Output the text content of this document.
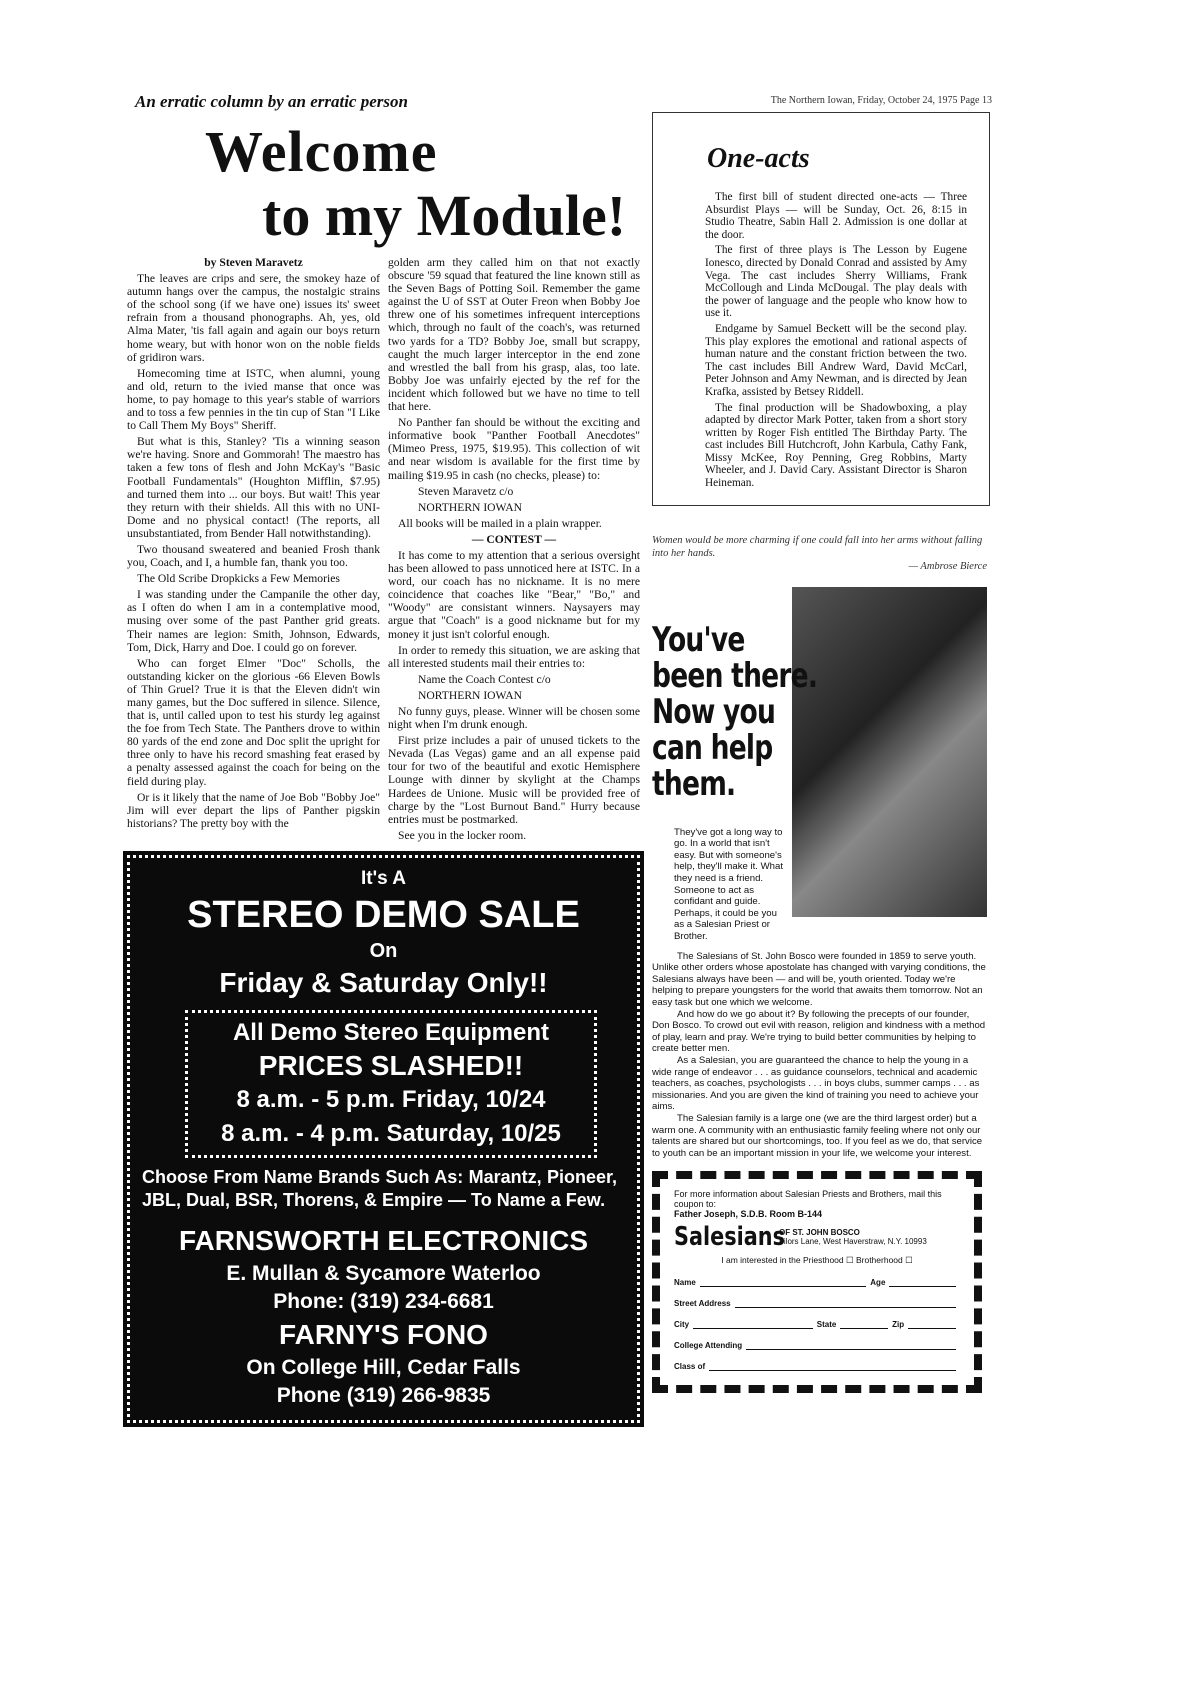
An erratic column by an erratic person
Welcome
to my Module!

by Steven Maravetz

The leaves are crips and sere, the smokey haze of autumn hangs over the campus, the nostalgic strains of the school song (if we have one) issues its' sweet refrain from a thousand phonographs. Ah, yes, old Alma Mater, 'tis fall again and again our boys return home weary, but with honor won on the noble fields of gridiron wars.

Homecoming time at ISTC, when alumni, young and old, return to the ivied manse that once was home, to pay homage to this year's stable of warriors and to toss a few pennies in the tin cup of Stan "I Like to Call Them My Boys" Sheriff.

But what is this, Stanley? 'Tis a winning season we're having. Snore and Gommorah! The maestro has taken a few tons of flesh and John McKay's "Basic Football Fundamentals" (Houghton Mifflin, $7.95) and turned them into ... our boys. But wait! This year they return with their shields. All this with no UNI-Dome and no physical contact! (The reports, all unsubstantiated, from Bender Hall notwithstanding).

Two thousand sweatered and beanied Frosh thank you, Coach, and I, a humble fan, thank you too.

The Old Scribe Dropkicks a Few Memories

I was standing under the Campanile the other day, as I often do when I am in a contemplative mood, musing over some of the past Panther grid greats. Their names are legion: Smith, Johnson, Edwards, Tom, Dick, Harry and Doe. I could go on forever.

Who can forget Elmer "Doc" Scholls, the outstanding kicker on the glorious -66 Eleven Bowls of Thin Gruel? True it is that the Eleven didn't win many games, but the Doc suffered in silence. Silence, that is, until called upon to test his sturdy leg against the foe from Tech State. The Panthers drove to within 80 yards of the end zone and Doc split the upright for three only to have his record smashing feat erased by a penalty assessed against the coach for being on the field during play.

Or is it likely that the name of Joe Bob "Bobby Joe" Jim will ever depart the lips of Panther pigskin historians? The pretty boy with the

golden arm they called him on that not exactly obscure '59 squad that featured the line known still as the Seven Bags of Potting Soil. Remember the game against the U of SST at Outer Freon when Bobby Joe threw one of his sometimes infrequent interceptions which, through no fault of the coach's, was returned two yards for a TD? Bobby Joe, small but scrappy, caught the much larger interceptor in the end zone and wrestled the ball from his grasp, alas, too late. Bobby Joe was unfairly ejected by the ref for the incident which followed but we have no time to tell that here.

No Panther fan should be without the exciting and informative book "Panther Football Anecdotes" (Mimeo Press, 1975, $19.95). This collection of wit and near wisdom is available for the first time by mailing $19.95 in cash (no checks, please) to:

Steven Maravetz c/o
NORTHERN IOWAN

All books will be mailed in a plain wrapper.

— CONTEST —

It has come to my attention that a serious oversight has been allowed to pass unnoticed here at ISTC. In a word, our coach has no nickname. It is no mere coincidence that coaches like "Bear," "Bo," and "Woody" are consistant winners. Naysayers may argue that "Coach" is a good nickname but for my money it just isn't colorful enough.

In order to remedy this situation, we are asking that all interested students mail their entries to:

Name the Coach Contest c/o
NORTHERN IOWAN

No funny guys, please. Winner will be chosen some night when I'm drunk enough.

First prize includes a pair of unused tickets to the Nevada (Las Vegas) game and an all expense paid tour for two of the beautiful and exotic Hemisphere Lounge with dinner by skylight at the Champs Hardees de Unione. Music will be provided free of charge by the "Lost Burnout Band." Hurry because entries must be postmarked.

See you in the locker room.

It's A
STEREO DEMO SALE
On
Friday & Saturday Only!!
All Demo Stereo Equipment
PRICES SLASHED!!
8 a.m. - 5 p.m. Friday, 10/24
8 a.m. - 4 p.m. Saturday, 10/25
Choose From Name Brands Such As: Marantz, Pioneer, JBL, Dual, BSR, Thorens, & Empire — To Name a Few.
FARNSWORTH ELECTRONICS
E. Mullan & Sycamore Waterloo
Phone: (319) 234-6681
FARNY'S FONO
On College Hill, Cedar Falls
Phone (319) 266-9835
The Northern Iowan, Friday, October 24, 1975 Page 13
One-acts

The first bill of student directed one-acts — Three Absurdist Plays — will be Sunday, Oct. 26, 8:15 in Studio Theatre, Sabin Hall 2. Admission is one dollar at the door.

The first of three plays is The Lesson by Eugene Ionesco, directed by Donald Conrad and assisted by Amy Vega. The cast includes Sherry Williams, Frank McCollough and Linda McDougal. The play deals with the power of language and the people who know how to use it.

Endgame by Samuel Beckett will be the second play. This play explores the emotional and rational aspects of human nature and the constant friction between the two. The cast includes Bill Andrew Ward, David McCarl, Peter Johnson and Amy Newman, and is directed by Jean Krafka, assisted by Betsey Riddell.

The final production will be Shadowboxing, a play adapted by director Mark Potter, taken from a short story written by Roger Fish entitled The Birthday Party. The cast includes Bill Hutchcroft, John Karbula, Cathy Fank, Missy McKee, Roy Penning, Greg Robbins, Marty Wheeler, and J. David Cary. Assistant Director is Sharon Heineman.

Women would be more charming if one could fall into her arms without falling into her hands.
— Ambrose Bierce
You've
been there.
Now you
can help
them.
They've got a long way to go. In a world that isn't easy. But with someone's help, they'll make it. What they need is a friend. Someone to act as confidant and guide. Perhaps, it could be you as a Salesian Priest or Brother.

The Salesians of St. John Bosco were founded in 1859 to serve youth. Unlike other orders whose apostolate has changed with varying conditions, the Salesians always have been — and will be, youth oriented. Today we're helping to prepare youngsters for the world that awaits them tomorrow. Not an easy task but one which we welcome.

And how do we go about it? By following the precepts of our founder, Don Bosco. To crowd out evil with reason, religion and kindness with a method of play, learn and pray. We're trying to build better communities by helping to create better men.

As a Salesian, you are guaranteed the chance to help the young in a wide range of endeavor . . . as guidance counselors, technical and academic teachers, as coaches, psychologists . . . in boys clubs, summer camps . . . as missionaries. And you are given the kind of training you need to achieve your aims.

The Salesian family is a large one (we are the third largest order) but a warm one. A community with an enthusiastic family feeling where not only our talents are shared but our shortcomings, too. If you feel as we do, that service to youth can be an important mission in your life, we welcome your interest.

For more information about Salesian Priests and Brothers, mail this coupon to:
Father Joseph, S.D.B. Room B-144
Salesians
OF ST. JOHN BOSCO
Filors Lane, West Haverstraw, N.Y. 10993
I am interested in the Priesthood ☐ Brotherhood ☐
Name	Age
Street Address
City	State	Zip
College Attending
Class of
